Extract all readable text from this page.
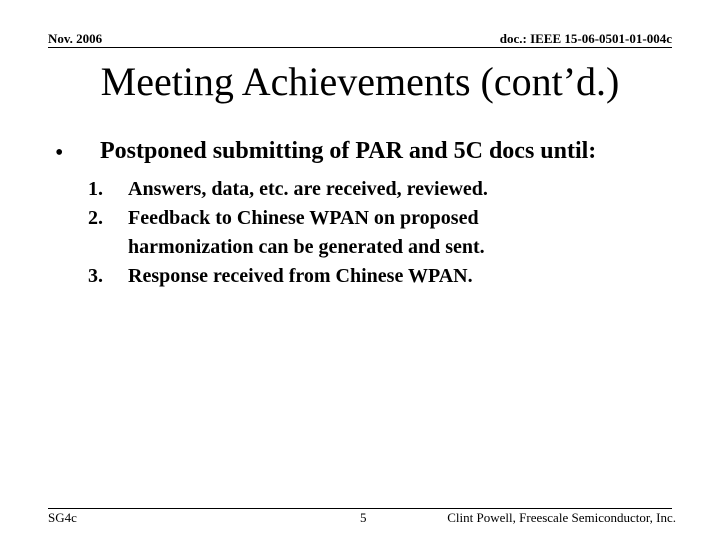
Nov. 2006	doc.: IEEE 15-06-0501-01-004c
Meeting Achievements (cont’d.)
• Postponed submitting of PAR and 5C docs until:
1.	Answers, data, etc. are received, reviewed.
2.	Feedback to Chinese WPAN on proposed
harmonization can be generated and sent.
3.	Response received from Chinese WPAN.
SG4c	5	Clint Powell, Freescale Semiconductor, Inc.
